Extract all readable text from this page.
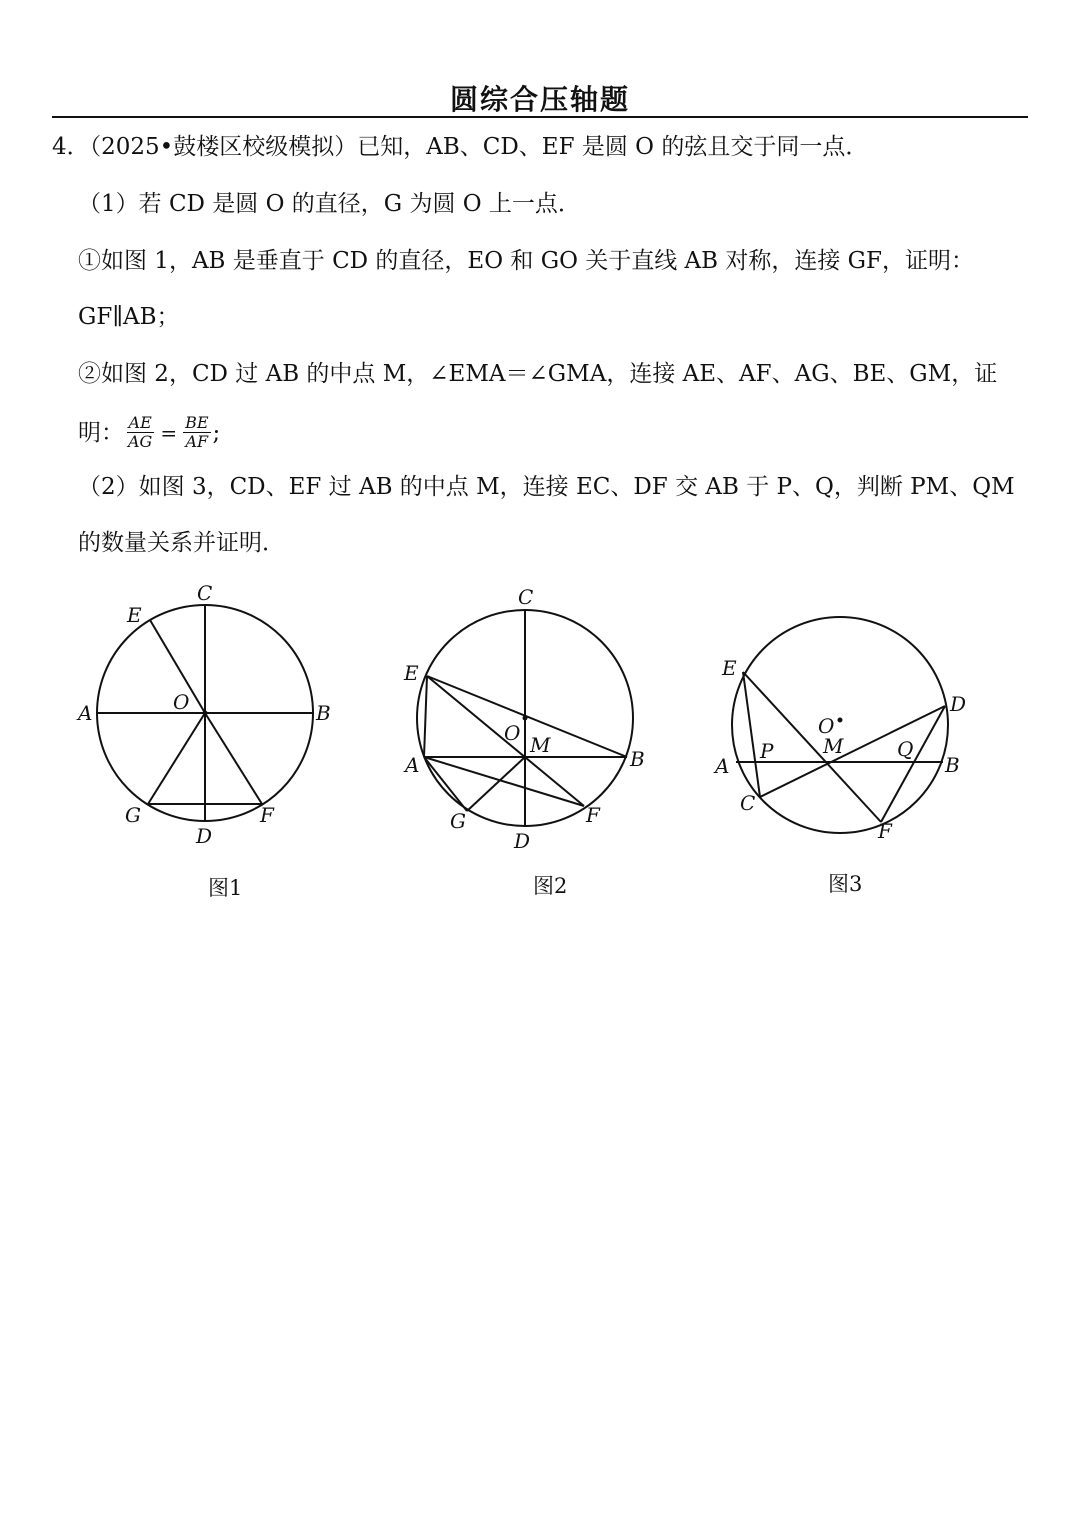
圆综合压轴题
4．（2025•鼓楼区校级模拟）已知，AB、CD、EF 是圆 O 的弦且交于同一点．
（1）若 CD 是圆 O 的直径，G 为圆 O 上一点．
①如图 1，AB 是垂直于 CD 的直径，EO 和 GO 关于直线 AB 对称，连接 GF，证明：
GF∥AB；
②如图 2，CD 过 AB 的中点 M，∠EMA＝∠GMA，连接 AE、AF、AG、BE、GM，证
明： $\frac{AE}{AG} = \frac{BE}{AF}$ ;
（2）如图 3，CD、EF 过 AB 的中点 M，连接 EC、DF 交 AB 于 P、Q，判断 PM、QM
的数量关系并证明．
C
E
A	O	B
G
D
F
C
E
O M
A	B
G
D
F
E
O
D
P M	Q
A	B
C
F
图1	图2	图3
